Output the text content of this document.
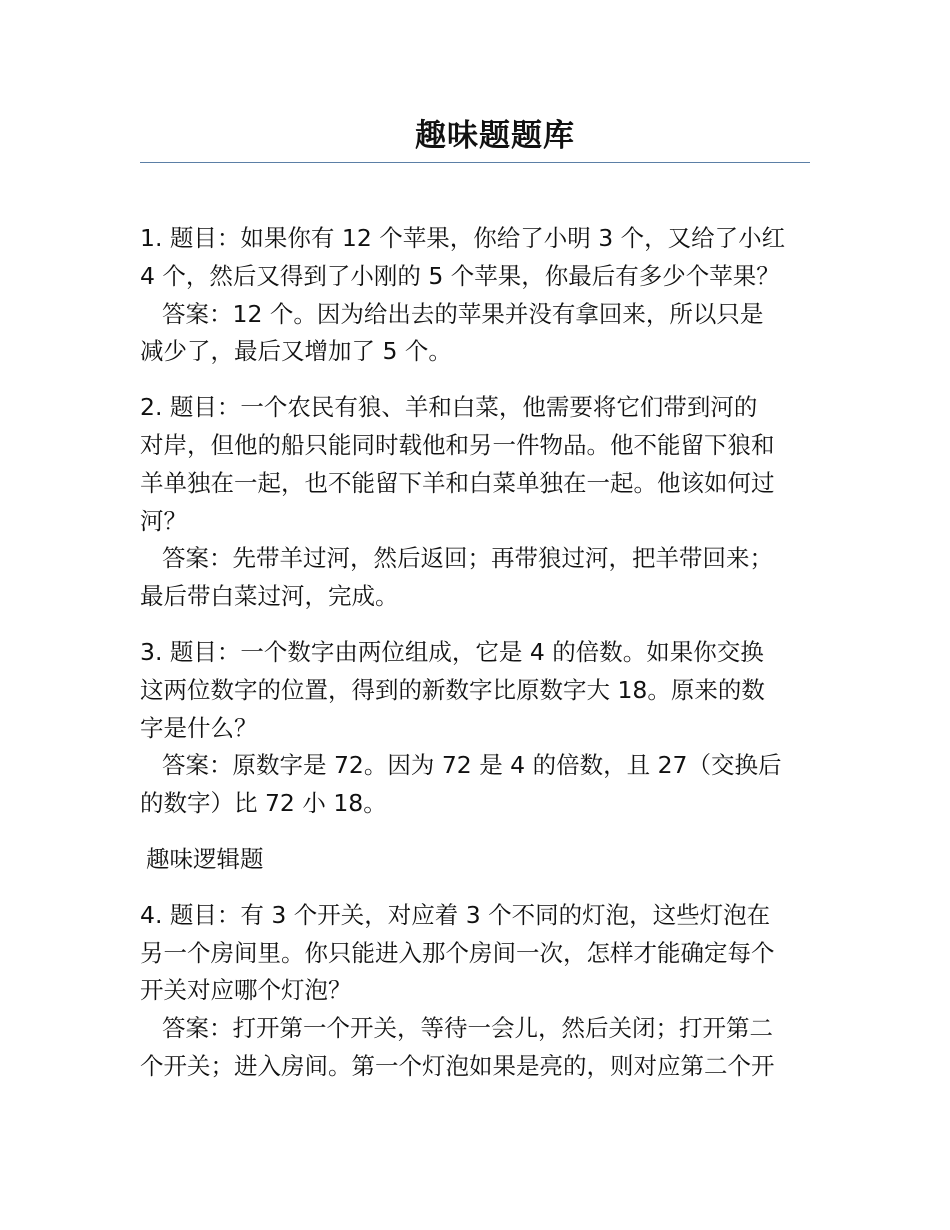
趣味题题库
1. 题目：如果你有 12 个苹果，你给了小明 3 个，又给了小红
4 个，然后又得到了小刚的 5 个苹果，你最后有多少个苹果？
答案：12 个。因为给出去的苹果并没有拿回来，所以只是
减少了，最后又增加了 5 个。
2. 题目：一个农民有狼、羊和白菜，他需要将它们带到河的
对岸，但他的船只能同时载他和另一件物品。他不能留下狼和
羊单独在一起，也不能留下羊和白菜单独在一起。他该如何过
河？
答案：先带羊过河，然后返回；再带狼过河，把羊带回来；
最后带白菜过河，完成。
3. 题目：一个数字由两位组成，它是 4 的倍数。如果你交换
这两位数字的位置，得到的新数字比原数字大 18。原来的数
字是什么？
答案：原数字是 72。因为 72 是 4 的倍数，且 27（交换后
的数字）比 72 小 18。
趣味逻辑题
4. 题目：有 3 个开关，对应着 3 个不同的灯泡，这些灯泡在
另一个房间里。你只能进入那个房间一次，怎样才能确定每个
开关对应哪个灯泡？
答案：打开第一个开关，等待一会儿，然后关闭；打开第二
个开关；进入房间。第一个灯泡如果是亮的，则对应第二个开
